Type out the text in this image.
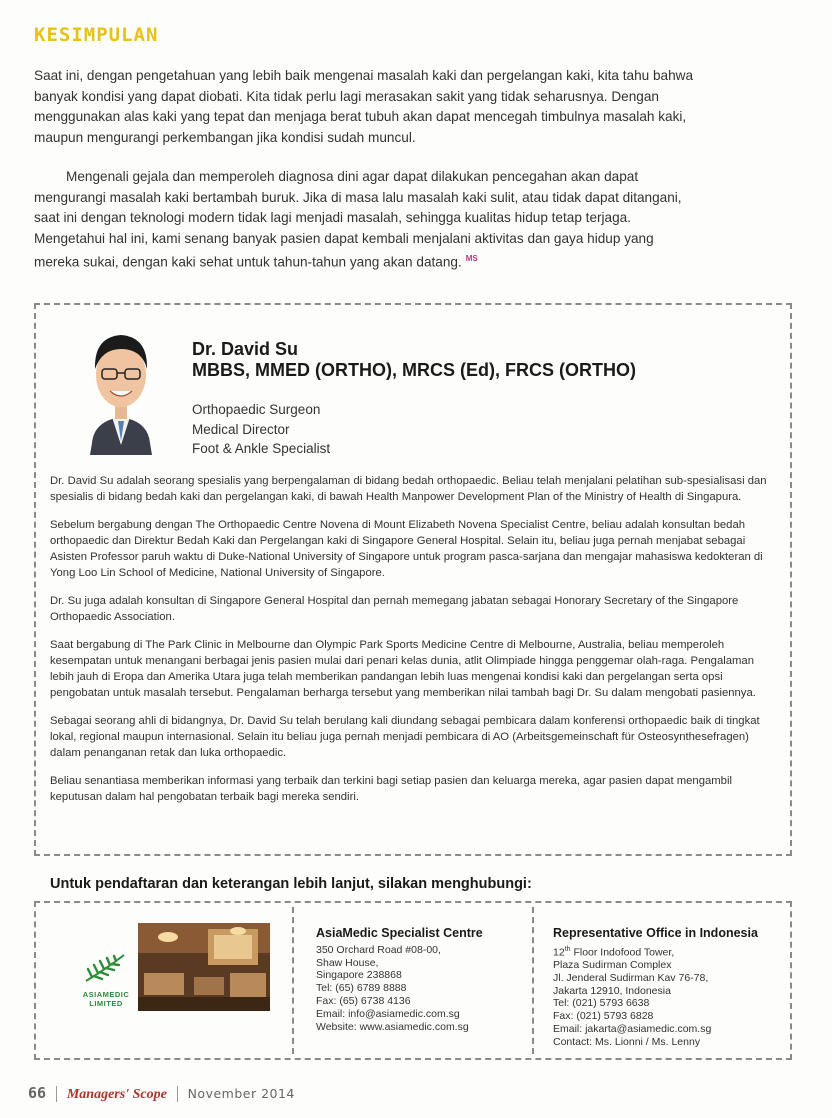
KESIMPULAN

Saat ini, dengan pengetahuan yang lebih baik mengenai masalah kaki dan pergelangan kaki, kita tahu bahwa banyak kondisi yang dapat diobati. Kita tidak perlu lagi merasakan sakit yang tidak seharusnya. Dengan menggunakan alas kaki yang tepat dan menjaga berat tubuh akan dapat mencegah timbulnya masalah kaki, maupun mengurangi perkembangan jika kondisi sudah muncul.

Mengenali gejala dan memperoleh diagnosa dini agar dapat dilakukan pencegahan akan dapat mengurangi masalah kaki bertambah buruk. Jika di masa lalu masalah kaki sulit, atau tidak dapat ditangani, saat ini dengan teknologi modern tidak lagi menjadi masalah, sehingga kualitas hidup tetap terjaga. Mengetahui hal ini, kami senang banyak pasien dapat kembali menjalani aktivitas dan gaya hidup yang mereka sukai, dengan kaki sehat untuk tahun-tahun yang akan datang. $^{MS}$

Dr. David Su
MBBS, MMED (ORTHO), MRCS (Ed), FRCS (ORTHO)
Orthopaedic Surgeon
Medical Director
Foot & Ankle Specialist

Dr. David Su adalah seorang spesialis yang berpengalaman di bidang bedah orthopaedic. Beliau telah menjalani pelatihan sub-spesialisasi dan spesialis di bidang bedah kaki dan pergelangan kaki, di bawah Health Manpower Development Plan of the Ministry of Health di Singapura.

Sebelum bergabung dengan The Orthopaedic Centre Novena di Mount Elizabeth Novena Specialist Centre, beliau adalah konsultan bedah orthopaedic dan Direktur Bedah Kaki dan Pergelangan kaki di Singapore General Hospital. Selain itu, beliau juga pernah menjabat sebagai Asisten Professor paruh waktu di Duke-National University of Singapore untuk program pasca-sarjana dan mengajar mahasiswa kedokteran di Yong Loo Lin School of Medicine, National University of Singapore.

Dr. Su juga adalah konsultan di Singapore General Hospital dan pernah memegang jabatan sebagai Honorary Secretary of the Singapore Orthopaedic Association.

Saat bergabung di The Park Clinic in Melbourne dan Olympic Park Sports Medicine Centre di Melbourne, Australia, beliau memperoleh kesempatan untuk menangani berbagai jenis pasien mulai dari penari kelas dunia, atlit Olimpiade hingga penggemar olah-raga. Pengalaman lebih jauh di Eropa dan Amerika Utara juga telah memberikan pandangan lebih luas mengenai kondisi kaki dan pergelangan serta opsi pengobatan untuk masalah tersebut. Pengalaman berharga tersebut yang memberikan nilai tambah bagi Dr. Su dalam mengobati pasiennya.

Sebagai seorang ahli di bidangnya, Dr. David Su telah berulang kali diundang sebagai pembicara dalam konferensi orthopaedic baik di tingkat lokal, regional maupun internasional. Selain itu beliau juga pernah menjadi pembicara di AO (Arbeitsgemeinschaft für Osteosynthesefragen) dalam penanganan retak dan luka orthopaedic.

Beliau senantiasa memberikan informasi yang terbaik dan terkini bagi setiap pasien dan keluarga mereka, agar pasien dapat mengambil keputusan dalam hal pengobatan terbaik bagi mereka sendiri.

Untuk pendaftaran dan keterangan lebih lanjut, silakan menghubungi:
ASIAMEDIC LIMITED
AsiaMedic Specialist Centre
350 Orchard Road #08-00,
Shaw House,
Singapore 238868
Tel: (65) 6789 8888
Fax: (65) 6738 4136
Email: info@asiamedic.com.sg
Website: www.asiamedic.com.sg
Representative Office in Indonesia
12th Floor Indofood Tower,
Plaza Sudirman Complex
Jl. Jenderal Sudirman Kav 76-78,
Jakarta 12910, Indonesia
Tel: (021) 5793 6638
Fax: (021) 5793 6828
Email: jakarta@asiamedic.com.sg
Contact: Ms. Lionni / Ms. Lenny
66 Managers' Scope November 2014
